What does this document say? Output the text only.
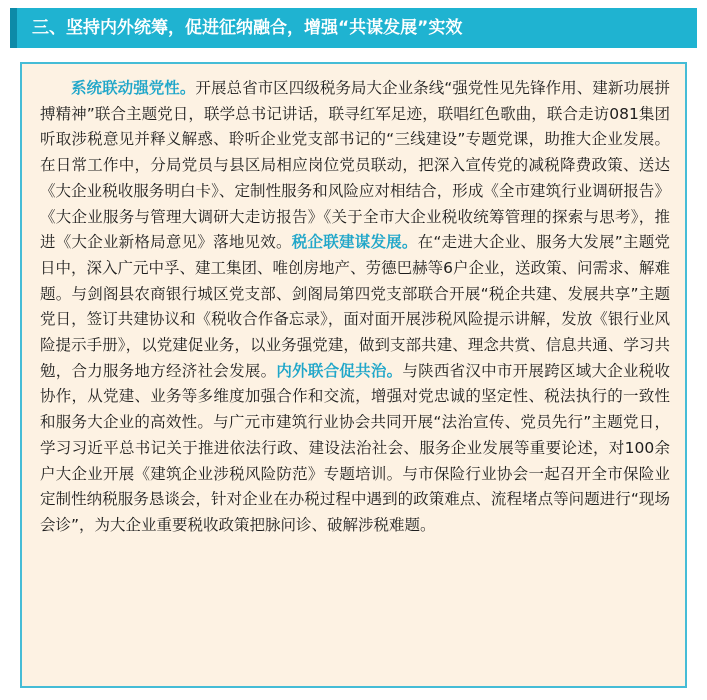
三、坚持内外统筹，促进征纳融合，增强“共谋发展”实效

系统联动强党性。开展总省市区四级税务局大企业条线“强党性见先锋作用、建新功展拼搏精神”联合主题党日，联学总书记讲话，联寻红军足迹，联唱红色歌曲，联合走访081集团听取涉税意见并释义解惑、聆听企业党支部书记的“三线建设”专题党课，助推大企业发展。在日常工作中，分局党员与县区局相应岗位党员联动，把深入宣传党的减税降费政策、送达《大企业税收服务明白卡》、定制性服务和风险应对相结合，形成《全市建筑行业调研报告》《大企业服务与管理大调研大走访报告》《关于全市大企业税收统筹管理的探索与思考》，推进《大企业新格局意见》落地见效。税企联建谋发展。在“走进大企业、服务大发展”主题党日中，深入广元中孚、建工集团、唯创房地产、劳德巴赫等6户企业，送政策、问需求、解难题。与剑阁县农商银行城区党支部、剑阁局第四党支部联合开展“税企共建、发展共享”主题党日，签订共建协议和《税收合作备忘录》，面对面开展涉税风险提示讲解，发放《银行业风险提示手册》，以党建促业务，以业务强党建，做到支部共建、理念共赏、信息共通、学习共勉，合力服务地方经济社会发展。内外联合促共治。与陕西省汉中市开展跨区域大企业税收协作，从党建、业务等多维度加强合作和交流，增强对党忠诚的坚定性、税法执行的一致性和服务大企业的高效性。与广元市建筑行业协会共同开展“法治宣传、党员先行”主题党日，学习习近平总书记关于推进依法行政、建设法治社会、服务企业发展等重要论述，对100余户大企业开展《建筑企业涉税风险防范》专题培训。与市保险行业协会一起召开全市保险业定制性纳税服务恳谈会，针对企业在办税过程中遇到的政策难点、流程堵点等问题进行“现场会诊”，为大企业重要税收政策把脉问诊、破解涉税难题。
